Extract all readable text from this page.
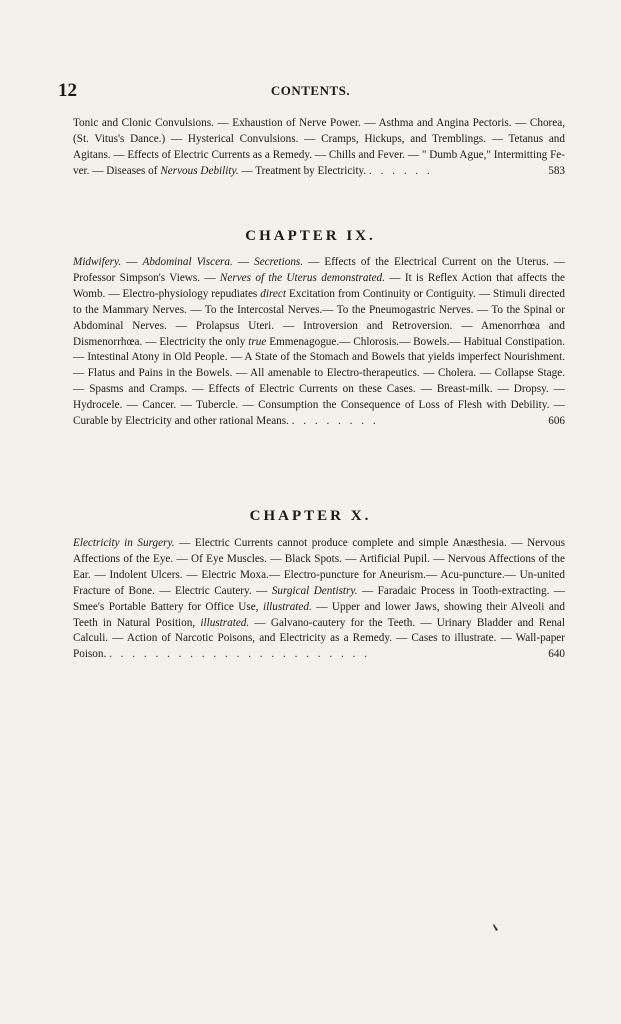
12	CONTENTS.
Tonic and Clonic Convulsions. — Exhaustion of Nerve Power. — Asthma and Angina Pectoris. — Chorea, (St. Vitus's Dance.) — Hysterical Convulsions. — Cramps, Hickups, and Tremblings. — Tetanus and Agitans. — Effects of Electric Currents as a Remedy. — Chills and Fever. — " Dumb Ague," Intermitting Fever. — Diseases of Nervous Debility. — Treatment by Electricity. . . . . . .	583
CHAPTER IX.
Midwifery. — Abdominal Viscera. — Secretions. — Effects of the Electrical Current on the Uterus. — Professor Simpson's Views. — Nerves of the Uterus demonstrated. — It is Reflex Action that affects the Womb. — Electro-physiology repudiates direct Excitation from Continuity or Contiguity. — Stimuli directed to the Mammary Nerves. — To the Intercostal Nerves.— To the Pneumogastric Nerves. — To the Spinal or Abdominal Nerves. — Prolapsus Uteri. — Introversion and Retroversion. — Amenorrhœa and Dismenorrhœa. — Electricity the only true Emmenagogue.— Chlorosis.— Bowels.— Habitual Constipation.— Intestinal Atony in Old People. — A State of the Stomach and Bowels that yields imperfect Nourishment. — Flatus and Pains in the Bowels. — All amenable to Electro-therapeutics. — Cholera. — Collapse Stage. — Spasms and Cramps. — Effects of Electric Currents on these Cases. — Breast-milk. — Dropsy. — Hydrocele. — Cancer. — Tubercle. — Consumption the Consequence of Loss of Flesh with Debility. — Curable by Electricity and other rational Means. . . . . . . . .	606
CHAPTER X.
Electricity in Surgery. — Electric Currents cannot produce complete and simple Anæsthesia. — Nervous Affections of the Eye. — Of Eye Muscles. — Black Spots. — Artificial Pupil. — Nervous Affections of the Ear. — Indolent Ulcers. — Electric Moxa.— Electro-puncture for Aneurism.— Acu-puncture.— Un-united Fracture of Bone. — Electric Cautery. — Surgical Dentistry. — Faradaic Process in Tooth-extracting. — Smee's Portable Battery for Office Use, illustrated. — Upper and lower Jaws, showing their Alveoli and Teeth in Natural Position, illustrated. — Galvano-cautery for the Teeth. — Urinary Bladder and Renal Calculi. — Action of Narcotic Poisons, and Electricity as a Remedy. — Cases to illustrate. — Wall-paper Poison. . . . . . . . . . . . . . . . . . . . . . . .	640
